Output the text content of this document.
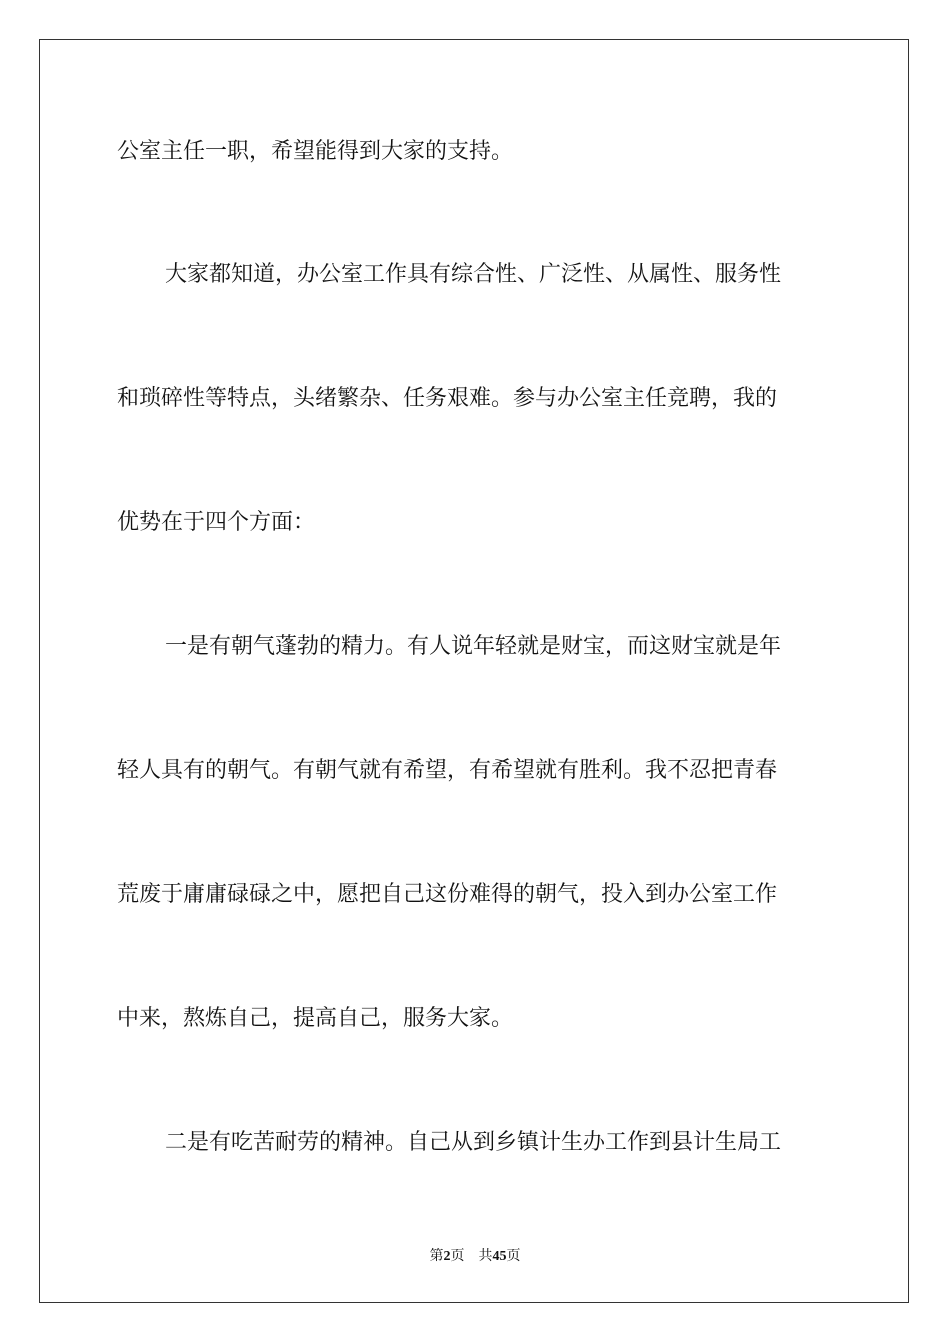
公室主任一职，希望能得到大家的支持。
大家都知道，办公室工作具有综合性、广泛性、从属性、服务性
和琐碎性等特点，头绪繁杂、任务艰难。参与办公室主任竞聘，我的
优势在于四个方面：
一是有朝气蓬勃的精力。有人说年轻就是财宝，而这财宝就是年
轻人具有的朝气。有朝气就有希望，有希望就有胜利。我不忍把青春
荒废于庸庸碌碌之中，愿把自己这份难得的朝气，投入到办公室工作
中来，熬炼自己，提高自己，服务大家。
二是有吃苦耐劳的精神。自己从到乡镇计生办工作到县计生局工
第2页 共45页
